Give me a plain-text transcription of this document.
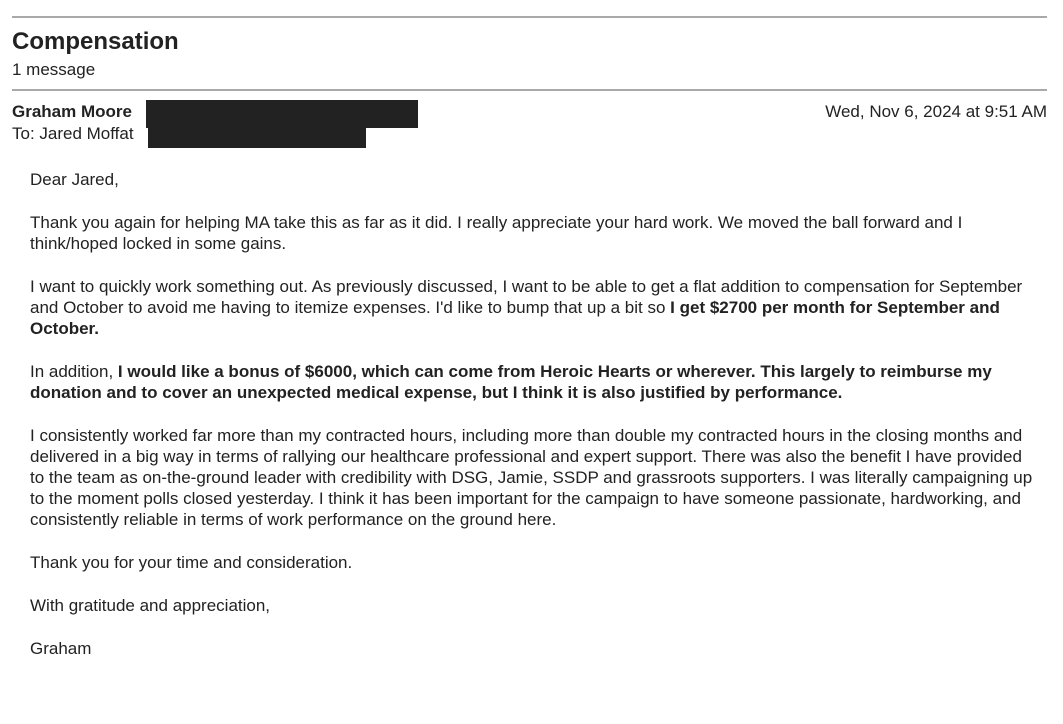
Compensation
1 message
Graham Moore	Wed, Nov 6, 2024 at 9:51 AM
To: Jared Moffat

Dear Jared,

Thank you again for helping MA take this as far as it did. I really appreciate your hard work. We moved the ball forward and I think/hoped locked in some gains.

I want to quickly work something out. As previously discussed, I want to be able to get a flat addition to compensation for September and October to avoid me having to itemize expenses. I'd like to bump that up a bit so I get $2700 per month for September and October.

In addition, I would like a bonus of $6000, which can come from Heroic Hearts or wherever. This largely to reimburse my donation and to cover an unexpected medical expense, but I think it is also justified by performance.

I consistently worked far more than my contracted hours, including more than double my contracted hours in the closing months and delivered in a big way in terms of rallying our healthcare professional and expert support. There was also the benefit I have provided to the team as on-the-ground leader with credibility with DSG, Jamie, SSDP and grassroots supporters. I was literally campaigning up to the moment polls closed yesterday. I think it has been important for the campaign to have someone passionate, hardworking, and consistently reliable in terms of work performance on the ground here.

Thank you for your time and consideration.

With gratitude and appreciation,

Graham
